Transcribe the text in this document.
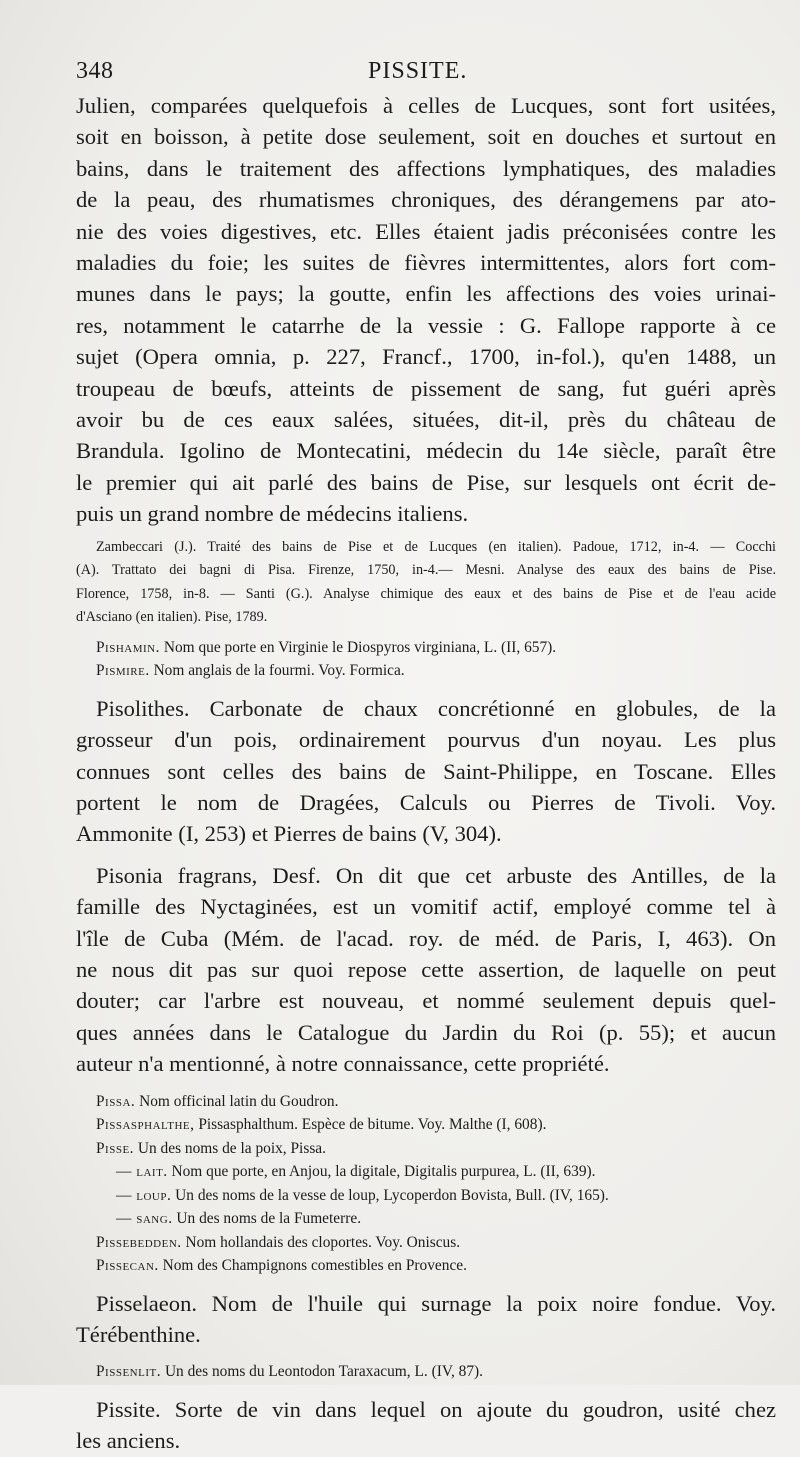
348	PISSITE.

Julien, comparées quelquefois à celles de Lucques, sont fort usitées,
soit en boisson, à petite dose seulement, soit en douches et surtout en
bains, dans le traitement des affections lymphatiques, des maladies
de la peau, des rhumatismes chroniques, des dérangemens par ato-
nie des voies digestives, etc. Elles étaient jadis préconisées contre les
maladies du foie; les suites de fièvres intermittentes, alors fort com-
munes dans le pays; la goutte, enfin les affections des voies urinai-
res, notamment le catarrhe de la vessie : G. Fallope rapporte à ce
sujet (Opera omnia, p. 227, Francf., 1700, in-fol.), qu'en 1488, un
troupeau de bœufs, atteints de pissement de sang, fut guéri après
avoir bu de ces eaux salées, situées, dit-il, près du château de
Brandula. Igolino de Montecatini, médecin du 14e siècle, paraît être
le premier qui ait parlé des bains de Pise, sur lesquels ont écrit de-
puis un grand nombre de médecins italiens.

Zambeccari (J.). Traité des bains de Pise et de Lucques (en italien). Padoue, 1712, in-4. — Cocchi
(A). Trattato dei bagni di Pisa. Firenze, 1750, in-4.— Mesni. Analyse des eaux des bains de Pise.
Florence, 1758, in-8. — Santi (G.). Analyse chimique des eaux et des bains de Pise et de l'eau acide
d'Asciano (en italien). Pise, 1789.

Pishamin. Nom que porte en Virginie le Diospyros virginiana, L. (II, 657).
Pismire. Nom anglais de la fourmi. Voy. Formica.

Pisolithes. Carbonate de chaux concrétionné en globules, de la
grosseur d'un pois, ordinairement pourvus d'un noyau. Les plus
connues sont celles des bains de Saint-Philippe, en Toscane. Elles
portent le nom de Dragées, Calculs ou Pierres de Tivoli. Voy.
Ammonite (I, 253) et Pierres de bains (V, 304).

Pisonia fragrans, Desf. On dit que cet arbuste des Antilles, de la
famille des Nyctaginées, est un vomitif actif, employé comme tel à
l'île de Cuba (Mém. de l'acad. roy. de méd. de Paris, I, 463). On
ne nous dit pas sur quoi repose cette assertion, de laquelle on peut
douter; car l'arbre est nouveau, et nommé seulement depuis quel-
ques années dans le Catalogue du Jardin du Roi (p. 55); et aucun
auteur n'a mentionné, à notre connaissance, cette propriété.

Pissa. Nom officinal latin du Goudron.
Pissasphalthe, Pissasphalthum. Espèce de bitume. Voy. Malthe (I, 608).
Pisse. Un des noms de la poix, Pissa.
— lait. Nom que porte, en Anjou, la digitale, Digitalis purpurea, L. (II, 639).
— loup. Un des noms de la vesse de loup, Lycoperdon Bovista, Bull. (IV, 165).
— sang. Un des noms de la Fumeterre.
Pissebedden. Nom hollandais des cloportes. Voy. Oniscus.
Pissecan. Nom des Champignons comestibles en Provence.

Pisselaeon. Nom de l'huile qui surnage la poix noire fondue. Voy.
Térébenthine.

Pissenlit. Un des noms du Leontodon Taraxacum, L. (IV, 87).

Pissite. Sorte de vin dans lequel on ajoute du goudron, usité chez
les anciens.
